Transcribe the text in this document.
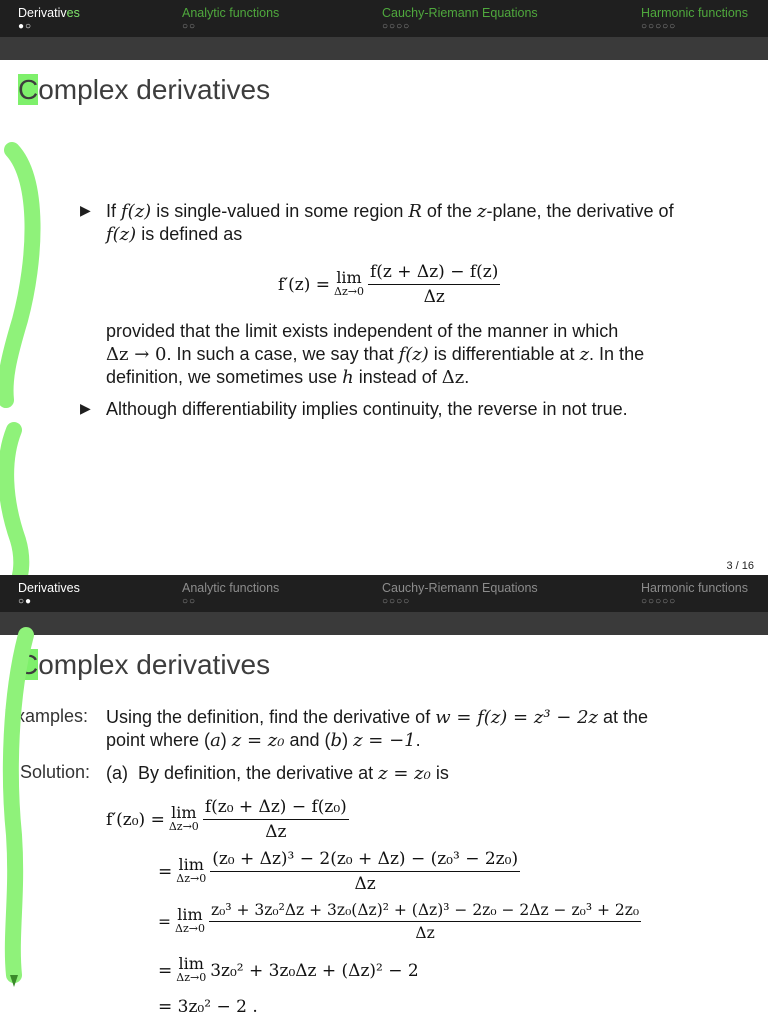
Derivatives
●○
Analytic functions
○○
Cauchy-Riemann Equations
○○○○
Harmonic functions
○○○○○
Complex derivatives
▶ If f(z) is single-valued in some region R of the z-plane, the derivative of
f(z) is defined as
f′(z) = lim
$\Delta z\to 0 \frac{f(z + \Delta z) - f(z)}{\Delta z}$
provided that the limit exists independent of the manner in which
Δz → 0. In such a case, we say that f(z) is differentiable at z. In the
definition, we sometimes use h instead of Δz.
▶ Although differentiability implies continuity, the reverse in not true.
3 / 16
Derivatives
○●
Analytic functions
○○
Cauchy-Riemann Equations
○○○○
Harmonic functions
○○○○○
Complex derivatives
Examples: Using the definition, find the derivative of w = f(z) = z³ − 2z at the
point where (a) z = z₀ and (b) z = −1.
Solution: (a) By definition, the derivative at z = z₀ is
f′(z₀) = lim
$\Delta z\to 0 \frac{\text{f(z₀ + Δz) − f(z₀)}}{\Delta z}$
= lim
$\Delta z\to 0 \frac{\text{(z₀ + Δz)³ − 2(z₀ + Δz) − (z₀³ − 2z₀)}}{\Delta z}$
= lim
$\Delta z\to 0 \frac{\text{z₀³ + 3z₀²Δz + 3z₀(Δz)² + (Δz)³ − 2z₀ − 2Δz − z₀³ + 2z₀}}{\Delta z}$
= lim
Δz→0 3z₀² + 3z₀Δz + (Δz)² − 2
=
3z₀² − 2 .
